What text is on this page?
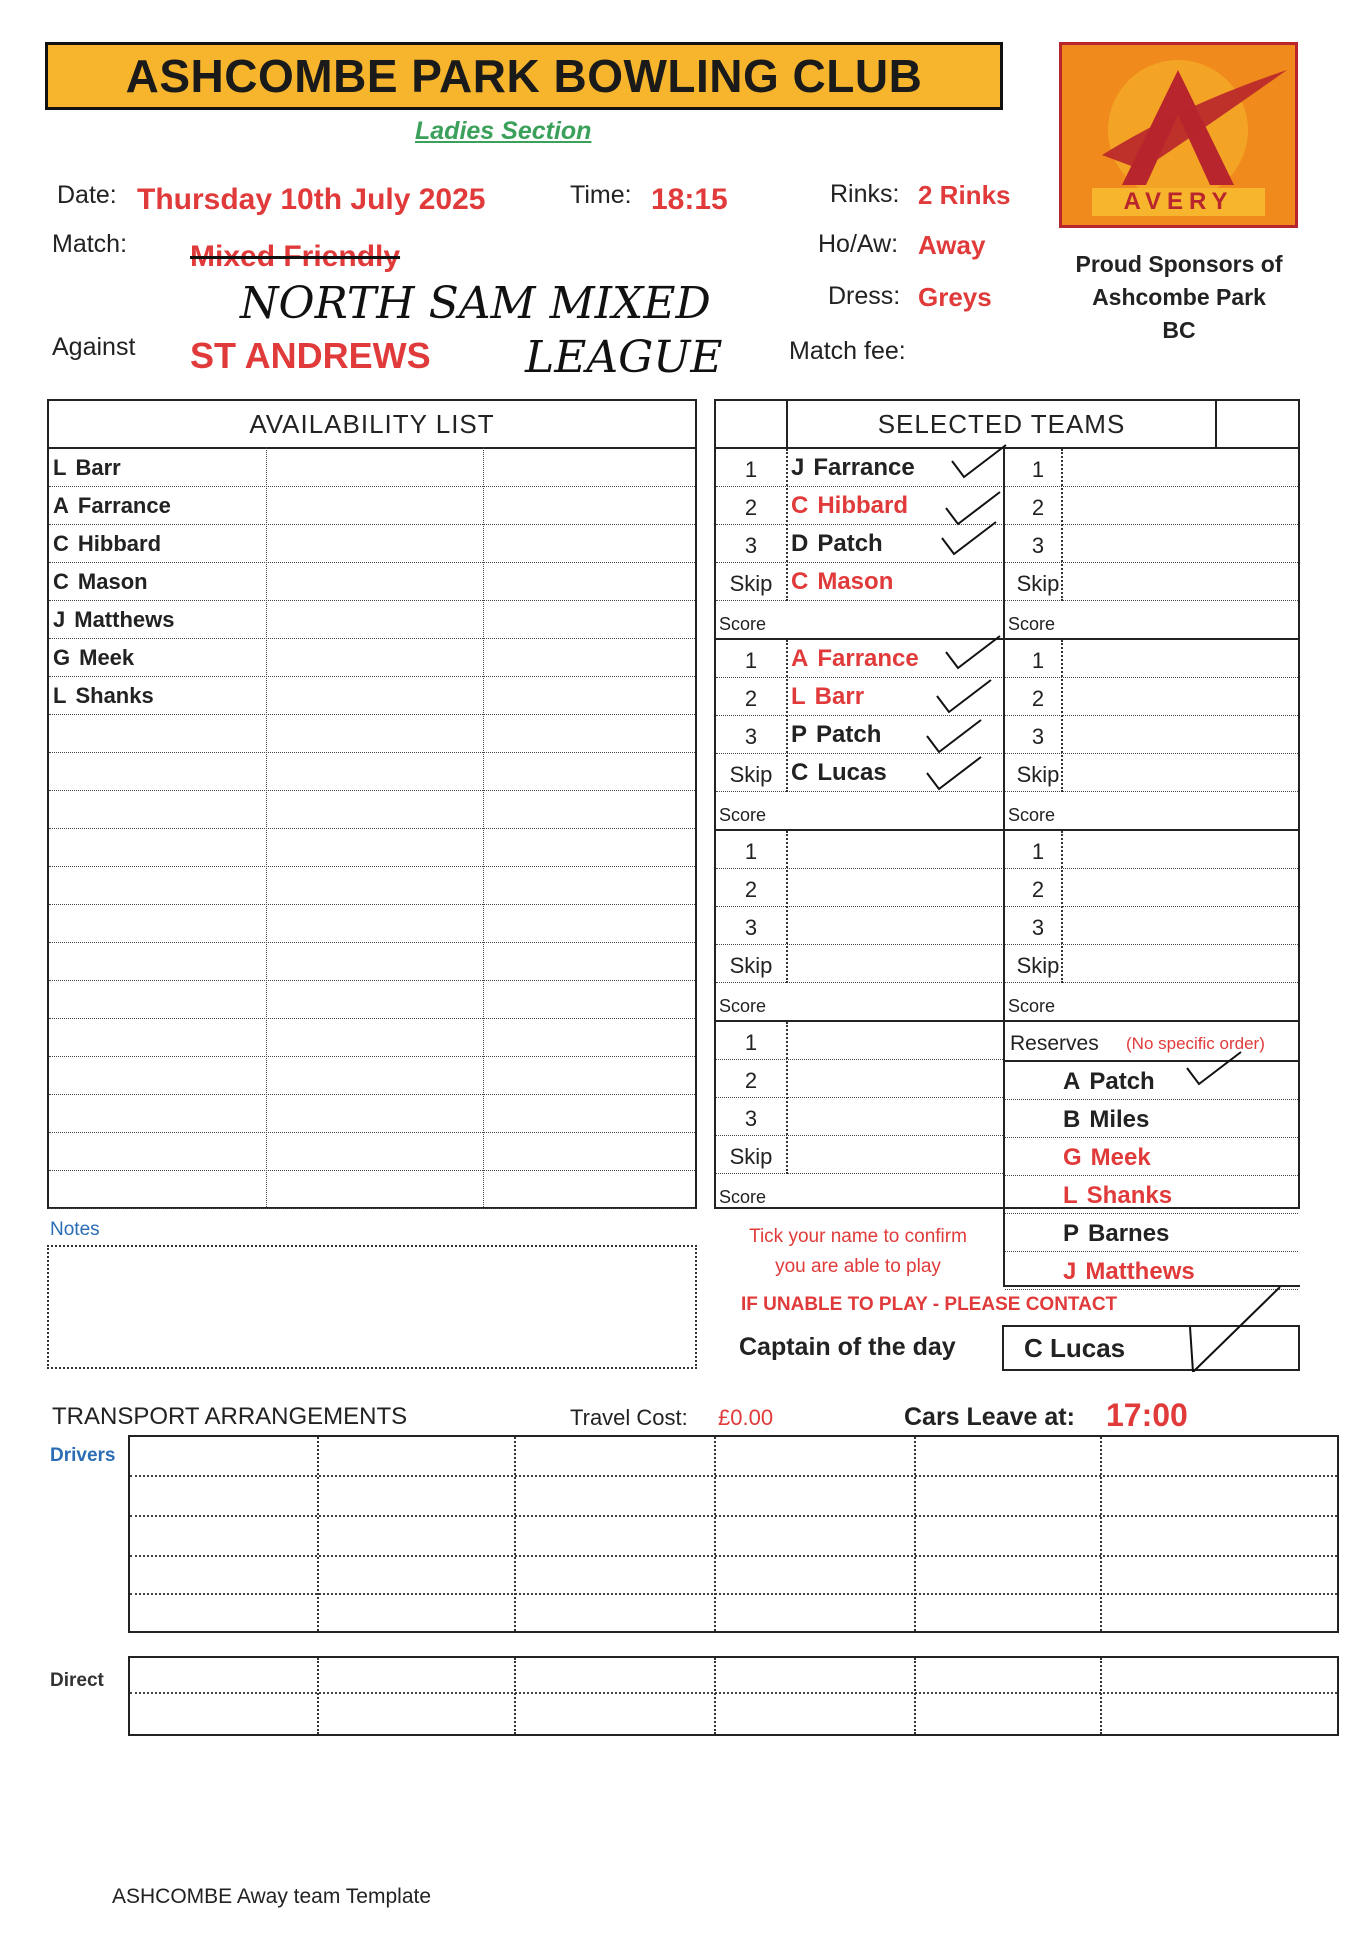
ASHCOMBE PARK BOWLING CLUB
Ladies Section
Date: Thursday 10th July 2025	Time: 18:15	Rinks: 2 Rinks
Match: Mixed Friendly
NORTH SAM MIXED
LEAGUE
Ho/Aw: Away
Dress: Greys
Against ST ANDREWS	Match fee:
AVERY
Proud Sponsors of
Ashcombe Park
BC
AVAILABILITY LIST
L Barr
A Farrance
C Hibbard
C Mason
J Matthews
G Meek
L Shanks
SELECTED TEAMS
1	J Farrance	1
2	C Hibbard	2
3	D Patch	3
Skip C Mason	Skip
Score	Score
1	A Farrance	1
2	L Barr	2
3	P Patch	3
Skip C Lucas	Skip
Score	Score
1	1
2	2
3	3
Skip	Skip
Score	Score
1
2
3
Skip
Score
Reserves (No specific order)
A Patch
B Miles
G Meek
L Shanks
P Barnes
J Matthews
Notes	Tick your name to confirm
you are able to play
IF UNABLE TO PLAY - PLEASE CONTACT
Captain of the day	C Lucas
TRANSPORT ARRANGEMENTS	Travel Cost: £0.00	Cars Leave at: 17:00
Drivers
Direct
ASHCOMBE Away team Template
